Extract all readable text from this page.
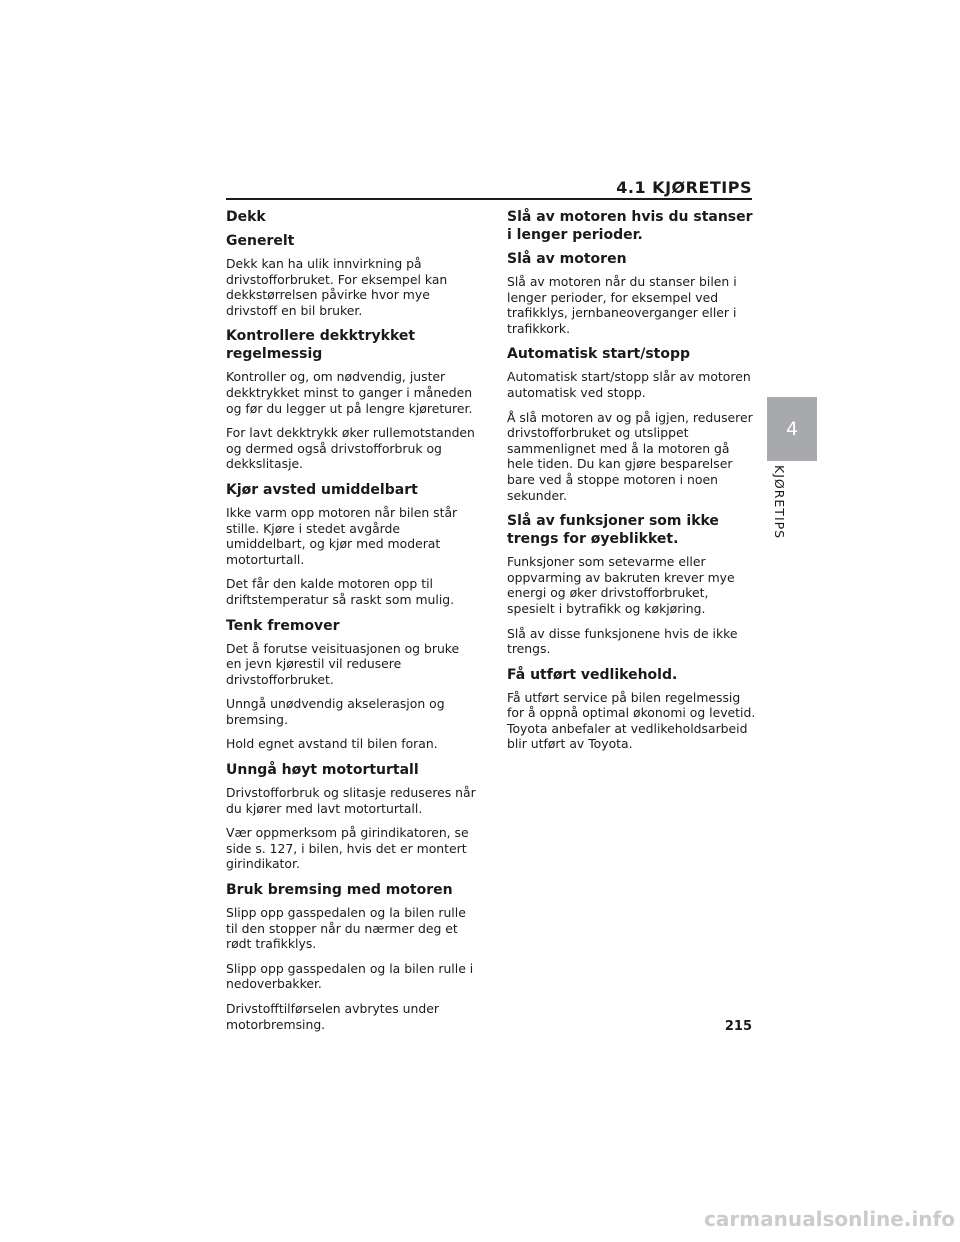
4.1 KJØRETIPS
Dekk
Generelt

Dekk kan ha ulik innvirkning på drivstofforbruket. For eksempel kan dekkstørrelsen påvirke hvor mye drivstoff en bil bruker.

Kontrollere dekktrykket regelmessig

Kontroller og, om nødvendig, juster dekktrykket minst to ganger i måneden og før du legger ut på lengre kjøreturer.

For lavt dekktrykk øker rullemotstanden og dermed også drivstofforbruk og dekkslitasje.

Kjør avsted umiddelbart

Ikke varm opp motoren når bilen står stille. Kjøre i stedet avgårde umiddelbart, og kjør med moderat motorturtall.

Det får den kalde motoren opp til driftstemperatur så raskt som mulig.

Tenk fremover

Det å forutse veisituasjonen og bruke en jevn kjørestil vil redusere drivstofforbruket.

Unngå unødvendig akselerasjon og bremsing.

Hold egnet avstand til bilen foran.

Unngå høyt motorturtall

Drivstofforbruk og slitasje reduseres når du kjører med lavt motorturtall.

Vær oppmerksom på girindikatoren, se side s. 127, i bilen, hvis det er montert girindikator.

Bruk bremsing med motoren

Slipp opp gasspedalen og la bilen rulle til den stopper når du nærmer deg et rødt trafikklys.

Slipp opp gasspedalen og la bilen rulle i nedoverbakker.

Drivstofftilførselen avbrytes under motorbremsing.

Slå av motoren hvis du stanser i lenger perioder.
Slå av motoren

Slå av motoren når du stanser bilen i lenger perioder, for eksempel ved trafikklys, jernbaneoverganger eller i trafikkork.

Automatisk start/stopp

Automatisk start/stopp slår av motoren automatisk ved stopp.

Å slå motoren av og på igjen, reduserer drivstofforbruket og utslippet sammenlignet med å la motoren gå hele tiden. Du kan gjøre besparelser bare ved å stoppe motoren i noen sekunder.

Slå av funksjoner som ikke trengs for øyeblikket.

Funksjoner som setevarme eller oppvarming av bakruten krever mye energi og øker drivstofforbruket, spesielt i bytrafikk og køkjøring.

Slå av disse funksjonene hvis de ikke trengs.

Få utført vedlikehold.

Få utført service på bilen regelmessig for å oppnå optimal økonomi og levetid. Toyota anbefaler at vedlikeholdsarbeid blir utført av Toyota.

4
KJØRETIPS
215
carmanualsonline.info
